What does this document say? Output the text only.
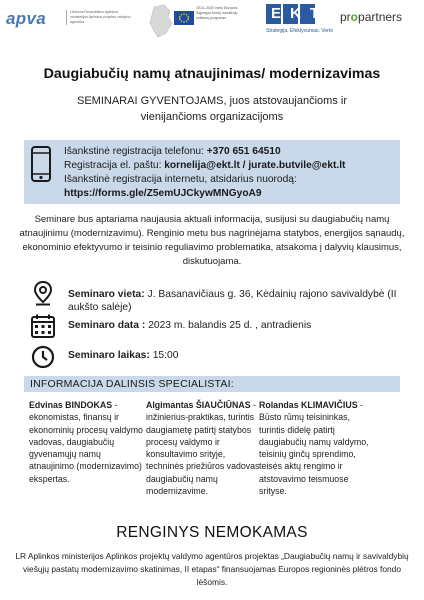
apva	Lietuvos Respublikos aplinkos ministerijos Aplinkos projektų valdymo agentūra
2014–2020 metų Europos Sąjungos fondų investicijų veiksmų programa	EKT
Strategija. Efektyvumas. Verte
propartners
Daugiabučių namų atnaujinimas/ modernizavimas
SEMINARAI GYVENTOJAMS, juos atstovaujančioms ir vienijančioms organizacijoms
Išankstinė registracija telefonu: +370 651 64510
Registracija el. paštu: kornelija@ekt.lt / jurate.butvile@ekt.lt
Išankstinė registracija internetu, atsidarius nuorodą:
https://forms.gle/Z5emUJCkywMNGyoA9
Seminare bus aptariama naujausia aktuali informacija, susijusi su daugiabučių namų atnaujinimu (modernizavimu). Renginio metu bus nagrinėjama statybos, energijos sąnaudų, ekonominio efektyvumo ir teisinio reguliavimo problematika, atsakoma į dalyvių klausimus, diskutuojama.
Seminaro vieta: J. Basanavičiaus g. 36, Kėdainių rajono savivaldybė (II aukšto salėje)
Seminaro data : 2023 m. balandis 25 d. , antradienis
Seminaro laikas: 15:00
INFORMACIJA DALINSIS SPECIALISTAI:
Edvinas BINDOKAS - ekonomistas, finansų ir ekonominių procesų valdymo vadovas, daugiabučių gyvenamųjų namų atnaujinimo (modernizavimo) ekspertas.
Algimantas ŠIAUČIŪNAS - inžinierius-praktikas, turintis daugiametę patirtį statybos procesų valdymo ir konsultavimo srityje, techninės priežiūros vadovas daugiabučių namų modernizavime.
Rolandas KLIMAVIČIUS - Būsto rūmų teisininkas, turintis didelę patirtį daugiabučių namų valdymo, teisinių ginčų sprendimo, teisės aktų rengimo ir atstovavimo teismuose srityse.
RENGINYS NEMOKAMAS
LR Aplinkos ministerijos Aplinkos projektų valdymo agentūros projektas „Daugiabučių namų ir savivaldybių viešųjų pastatų modernizavimo skatinimas, II etapas“ finansuojamas Europos regioninės plėtros fondo lėšomis.
